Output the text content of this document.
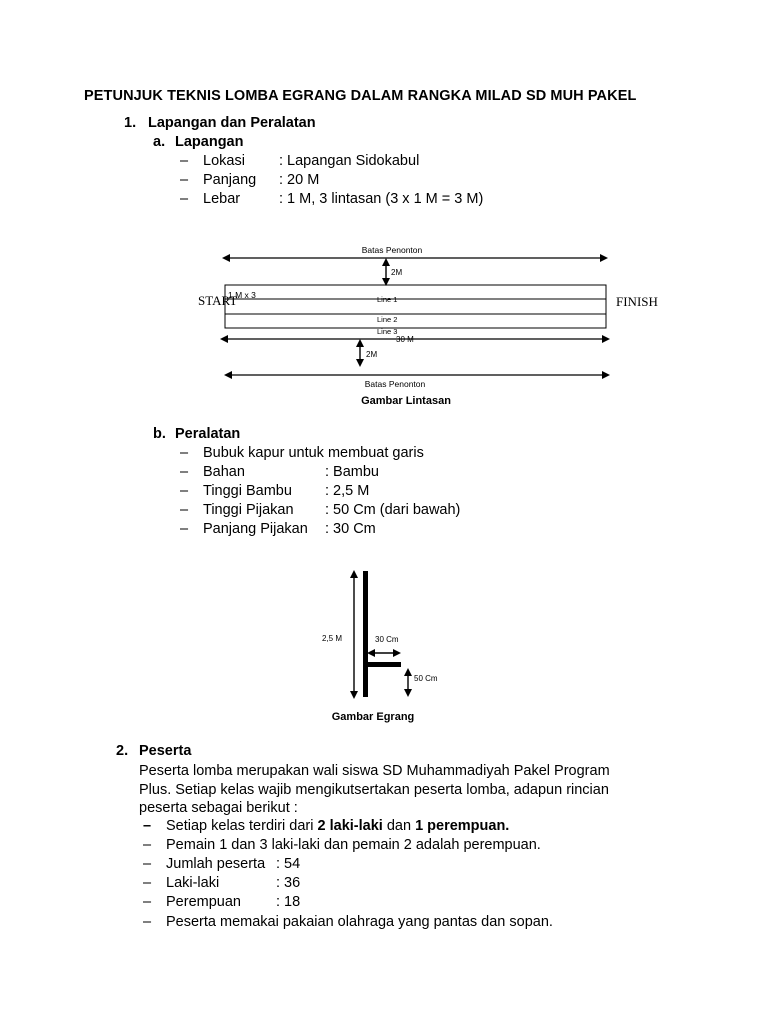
PETUNJUK TEKNIS LOMBA EGRANG DALAM RANGKA MILAD SD MUH PAKEL
1. Lapangan dan Peralatan
a. Lapangan
– Lokasi : Lapangan Sidokabul
– Panjang : 20 M
– Lebar	: 1 M, 3 lintasan (3 x 1 M = 3 M)
Batas Penonton
2M
START
1 M x 3	FINISH
Line 1
Line 2
Line 3
30 M
2M
Batas Penonton
Gambar Lintasan
b. Peralatan
– Bubuk kapur untuk membuat garis
– Bahan	: Bambu
– Tinggi Bambu : 2,5 M
– Tinggi Pijakan : 50 Cm (dari bawah)
– Panjang Pijakan : 30 Cm
2,5 M	30 Cm
50 Cm
Gambar Egrang
2. Peserta
Peserta lomba merupakan wali siswa SD Muhammadiyah Pakel Program
Plus. Setiap kelas wajib mengikutsertakan peserta lomba, adapun rincian
peserta sebagai berikut :
– Setiap kelas terdiri dari 2 laki-laki dan 1 perempuan.
– Pemain 1 dan 3 laki-laki dan pemain 2 adalah perempuan.
– Jumlah peserta : 54
– Laki-laki	: 36
– Perempuan : 18
– Peserta memakai pakaian olahraga yang pantas dan sopan.
